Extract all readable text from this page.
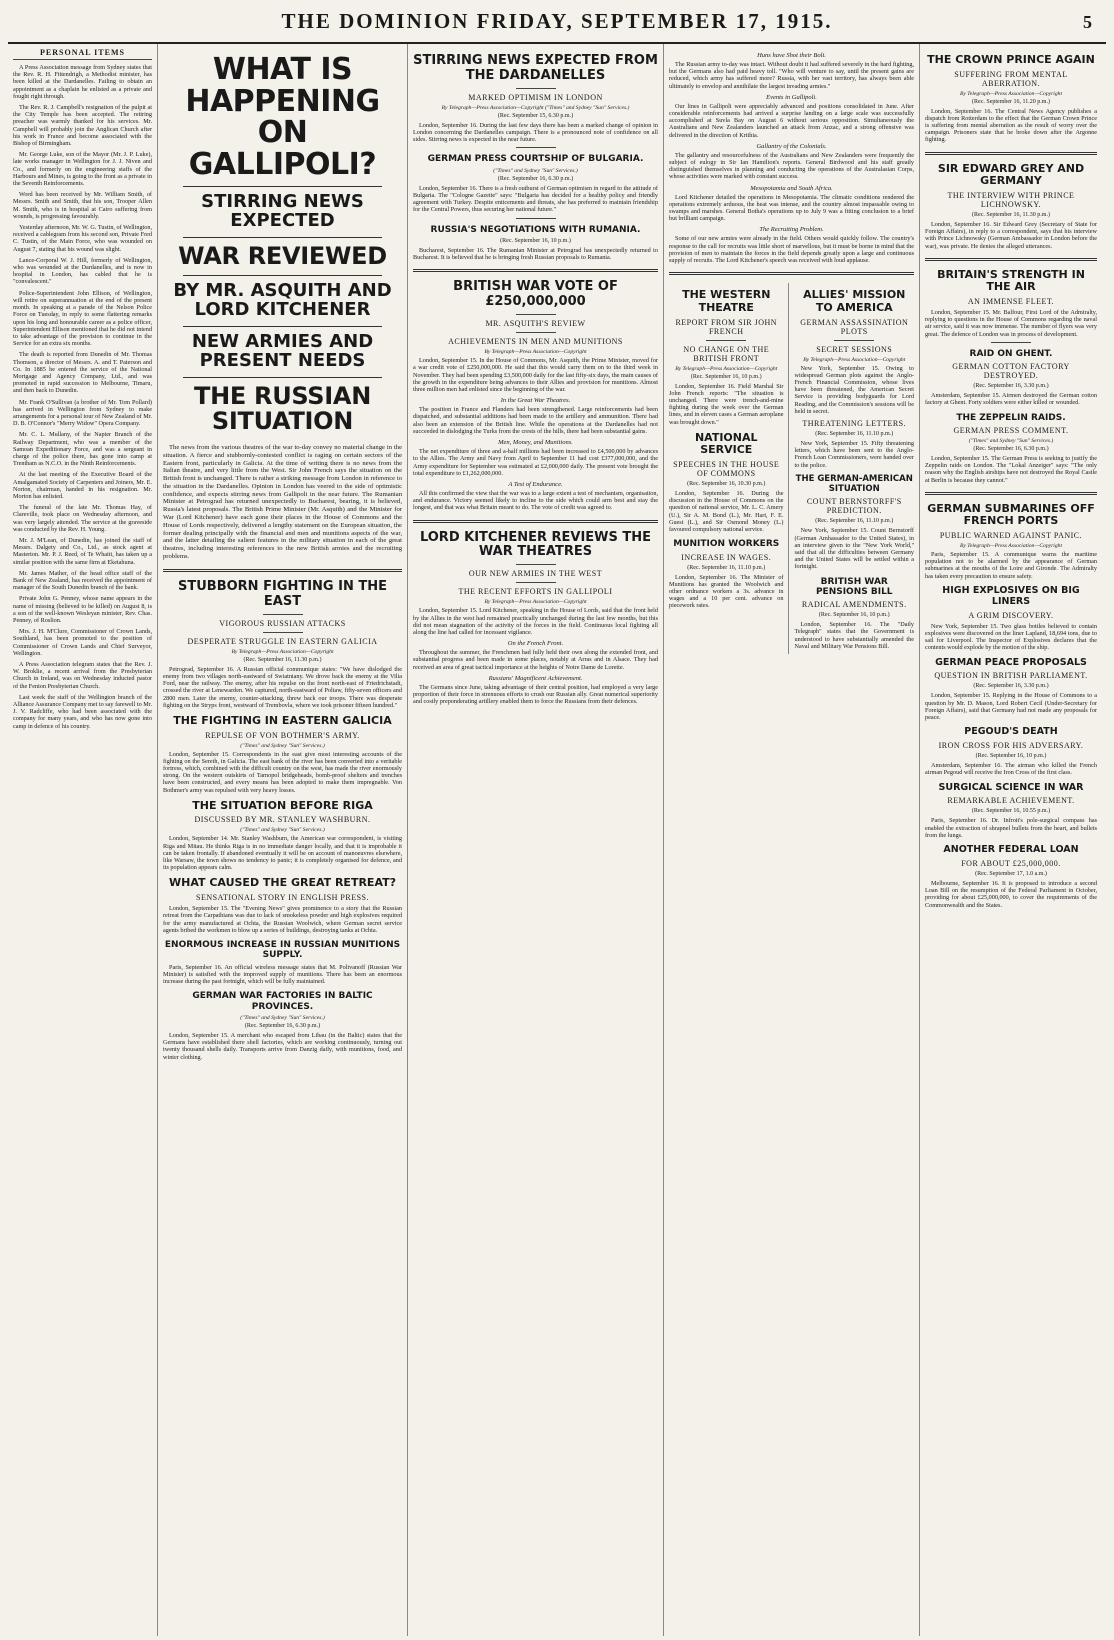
THE DOMINION FRIDAY, SEPTEMBER 17, 1915.	5
PERSONAL ITEMS

A Press Association message from Sydney states that the Rev. R. H. Fittendrigh, a Methodist minister, has been killed at the Dardanelles. Failing to obtain an appointment as a chaplain he enlisted as a private and fought right through.

The Rev. R. J. Campbell's resignation of the pulpit at the City Temple has been accepted. The retiring preacher was warmly thanked for his services. Mr. Campbell will probably join the Anglican Church after his work in France and become associated with the Bishop of Birmingham.

Mr. George Luke, son of the Mayor (Mr. J. P. Luke), late works manager in Wellington for J. J. Niven and Co., and formerly on the engineering staffs of the Harbours and Mines, is going to the front as a private in the Seventh Reinforcements.

Word has been received by Mr. William Smith, of Messrs. Smith and Smith, that his son, Trooper Allen M. Smith, who is in hospital at Cairo suffering from wounds, is progressing favourably.

Yesterday afternoon, Mr. W. G. Tustin, of Wellington, received a cablegram from his second son, Private Fred C. Tustin, of the Main Force, who was wounded on August 7, stating that his wound was slight.

Lance-Corporal W. J. Hill, formerly of Wellington, who was wounded at the Dardanelles, and is now in hospital in London, has cabled that he is "convalescent."

Police-Superintendent John Ellison, of Wellington, will retire on superannuation at the end of the present month. In speaking at a parade of the Nelson Police Force on Tuesday, in reply to some flattering remarks upon his long and honourable career as a police officer, Superintendent Ellison mentioned that he did not intend to take advantage of the provision to continue in the Service for an extra six months.

The death is reported from Dunedin of Mr. Thomas Thomson, a director of Messrs. A. and T. Paterson and Co. In 1885 he entered the service of the National Mortgage and Agency Company, Ltd., and was promoted in rapid succession to Melbourne, Timaru, and then back to Dunedin.

Mr. Frank O'Sullivan (a brother of Mr. Tom Pollard) has arrived in Wellington from Sydney to make arrangements for a personal tour of New Zealand of Mr. D. B. O'Connor's "Merry Widow" Opera Company.

Mr. C. L. Mullany, of the Napier Branch of the Railway Department, who was a member of the Samoan Expeditionary Force, and was a sergeant in charge of the police there, has gone into camp at Trentham as N.C.O. in the Ninth Reinforcements.

At the last meeting of the Executive Board of the Amalgamated Society of Carpenters and Joiners, Mr. E. Norton, chairman, handed in his resignation. Mr. Morton has enlisted.

The funeral of the late Mr. Thomas Hay, of Clareville, took place on Wednesday afternoon, and was very largely attended. The service at the graveside was conducted by the Rev. H. Young.

Mr. J. M'Lean, of Dunedin, has joined the staff of Messrs. Dalgety and Co., Ltd., as stock agent at Masterton. Mr. P. J. Reed, of Te Whaiti, has taken up a similar position with the same firm at Eketahuna.

Mr. James Mather, of the head office staff of the Bank of New Zealand, has received the appointment of manager of the South Dunedin branch of the bank.

Private John G. Penney, whose name appears in the name of missing (believed to be killed) on August 8, is a son of the well-known Wesleyan minister, Rev. Chas. Penney, of Roslion.

Mrs. J. H. M'Clure, Commissioner of Crown Lands, Southland, has been promoted to the position of Commissioner of Crown Lands and Chief Surveyor, Wellington.

A Press Association telegram states that the Rev. J. W. Broklie, a recent arrival from the Presbyterian Church in Ireland, was on Wednesday inducted pastor of the Fenton Presbyterian Church.

Last week the staff of the Wellington branch of the Alliance Assurance Company met to say farewell to Mr. J. V. Radcliffe, who had been associated with the company for many years, and who has now gone into camp in defence of his country.

WHAT IS HAPPENING ON GALLIPOLI?
STIRRING NEWS EXPECTED
WAR REVIEWED
BY MR. ASQUITH AND LORD KITCHENER
NEW ARMIES AND PRESENT NEEDS
THE RUSSIAN SITUATION

The news from the various theatres of the war to-day convey no material change in the situation. A fierce and stubbornly-contested conflict is raging on certain sectors of the Eastern front, particularly in Galicia. At the time of writing there is no news from the Italian theatre, and very little from the West. Sir John French says the situation on the British front is unchanged. There is rather a striking message from London in reference to the situation in the Dardanelles. Opinion in London has veered to the side of optimistic confidence, and expects stirring news from Gallipoli in the near future. The Rumanian Minister at Petrograd has returned unexpectedly to Bucharest, bearing, it is believed, Russia's latest proposals. The British Prime Minister (Mr. Asquith) and the Minister for War (Lord Kitchener) have each gone their places in the House of Commons and the House of Lords respectively, delivered a lengthy statement on the European situation, the former dealing principally with the financial and men and munitions aspects of the war, and the latter detailing the salient features in the military situation in each of the great theatres, including interesting references to the new British armies and the recruiting problems.

STUBBORN FIGHTING IN THE EAST
VIGOROUS RUSSIAN ATTACKS
DESPERATE STRUGGLE IN EASTERN GALICIA
By Telegraph—Press Association—Copyright
(Rec. September 16, 11.30 p.m.)

Petrograd, September 16. A Russian official communique states: "We have dislodged the enemy from two villages north-eastward of Swiatniany. We drove back the enemy at the Vilia Ford, near the railway. The enemy, after his repulse on the front north-east of Friedrichstadt, crossed the river at Lenewarden. We captured, north-eastward of Poltaw, fifty-seven officers and 2800 men. Later the enemy, counter-attacking, threw back our troops. There was desperate fighting on the Stryps front, westward of Trembovla, where we took prisoner fifteen hundred."

THE FIGHTING IN EASTERN GALICIA
REPULSE OF VON BOTHMER'S ARMY.
("Times" and Sydney "Sun" Services.)

London, September 15. Correspondents in the east give most interesting accounts of the fighting on the Sereth, in Galicia. The east bank of the river has been converted into a veritable fortress, which, combined with the difficult country on the west, has made the river enormously strong. On the western outskirts of Tarnopol bridgeheads, bomb-proof shelters and trenches have been constructed, and every means has been adopted to make them impregnable. Von Bothmer's army was repulsed with very heavy losses.

THE SITUATION BEFORE RIGA
DISCUSSED BY MR. STANLEY WASHBURN.
("Times" and Sydney "Sun" Services.)

London, September 14. Mr. Stanley Washburn, the American war correspondent, is visiting Riga and Mitau. He thinks Riga is in no immediate danger locally, and that it is improbable it can be taken frontally. If abandoned eventually it will be on account of manoeuvres elsewhere, like Warsaw, the town shows no tendency to panic; it is completely organised for defence, and its population appears calm.

WHAT CAUSED THE GREAT RETREAT?
SENSATIONAL STORY IN ENGLISH PRESS.

London, September 15. The "Evening News" gives prominence to a story that the Russian retreat from the Carpathians was due to lack of smokeless powder and high explosives required for the army manufactured at Ochta, the Russian Woolwich, where German secret service agents bribed the workmen to blow up a series of buildings, destroying tanks at Ochta.

ENORMOUS INCREASE IN RUSSIAN MUNITIONS SUPPLY.

Paris, September 16. An official wireless message states that M. Polivanoff (Russian War Minister) is satisfied with the improved supply of munitions. There has been an enormous increase during the past fortnight, which will be fully maintained.

GERMAN WAR FACTORIES IN BALTIC PROVINCES.
("Times" and Sydney "Sun" Services.)
(Rec. September 16, 6.30 p.m.)

London, September 15. A merchant who escaped from Libau (in the Baltic) states that the Germans have established there shell factories, which are working continuously, turning out twenty thousand shells daily. Transports arrive from Danzig daily, with munitions, food, and winter clothing.

STIRRING NEWS EXPECTED FROM THE DARDANELLES
MARKED OPTIMISM IN LONDON
By Telegraph—Press Association—Copyright ("Times" and Sydney "Sun" Services.)
(Rec. September 15, 6.30 p.m.)

London, September 16. During the last few days there has been a marked change of opinion in London concerning the Dardanelles campaign. There is a pronounced note of confidence on all sides. Stirring news is expected in the near future.

GERMAN PRESS COURTSHIP OF BULGARIA.
("Times" and Sydney "Sun" Services.)
(Rec. September 16, 6.30 p.m.)

London, September 16. There is a fresh outburst of German optimism in regard to the attitude of Bulgaria. The "Cologne Gazette" says: "Bulgaria has decided for a healthy policy and friendly agreement with Turkey. Despite enticements and threats, she has preferred to maintain friendship for the Central Powers, thus securing her national future."

RUSSIA'S NEGOTIATIONS WITH RUMANIA.
(Rec. September 16, 10 p.m.)

Bucharest, September 16. The Rumanian Minister at Petrograd has unexpectedly returned to Bucharest. It is believed that he is bringing fresh Russian proposals to Rumania.

BRITISH WAR VOTE OF £250,000,000
MR. ASQUITH'S REVIEW
ACHIEVEMENTS IN MEN AND MUNITIONS
By Telegraph—Press Association—Copyright

London, September 15. In the House of Commons, Mr. Asquith, the Prime Minister, moved for a war credit vote of £250,000,000. He said that this would carry them on to the third week in November. They had been spending £3,500,000 daily for the last fifty-six days, the main causes of the growth in the expenditure being advances to their Allies and provision for munitions. Almost three million men had enlisted since the beginning of the war.

In the Great War Theatres.

The position in France and Flanders had been strengthened. Large reinforcements had been dispatched, and substantial additions had been made to the artillery and ammunition. There had also been an extension of the British line. While the operations at the Dardanelles had not succeeded in dislodging the Turks from the crests of the hills, there had been substantial gains.

Men, Money, and Munitions.

The net expenditure of three and a-half millions had been increased to £4,500,000 by advances to the Allies. The Army and Navy from April to September 11 had cost £377,000,000, and the Army expenditure for September was estimated at £2,000,000 daily. The present vote brought the total expenditure to £1,262,000,000.

A Test of Endurance.

All this confirmed the view that the war was to a large extent a test of mechanism, organisation, and endurance. Victory seemed likely to incline to the side which could arm best and stay the longest, and that was what Britain meant to do. The vote of credit was agreed to.

LORD KITCHENER REVIEWS THE WAR THEATRES
OUR NEW ARMIES IN THE WEST
THE RECENT EFFORTS IN GALLIPOLI
By Telegraph—Press Association—Copyright

London, September 15. Lord Kitchener, speaking in the House of Lords, said that the front held by the Allies in the west had remained practically unchanged during the last few months, but this did not mean stagnation of the activity of the forces in the field. Continuous local fighting all along the line had called for incessant vigilance.

On the French Front.

Throughout the summer, the Frenchmen had fully held their own along the extended front, and substantial progress and been made in some places, notably at Arras and in Alsace. They had received an area of great tactical importance at the heights of Notre Dame de Lorette.

Russians' Magnificent Achievement.

The Germans since June, taking advantage of their central position, had employed a very large proportion of their force in strenuous efforts to crush our Russian ally. Great numerical superiority and costly preponderating artillery enabled them to force the Russians from their defences.

Huns have Shot their Bolt.

The Russian army to-day was intact. Without doubt it had suffered severely in the hard fighting, but the Germans also had paid heavy toll. "Who will venture to say, until the present gains are reduced, which army has suffered more? Russia, with her vast territory, has always been able ultimately to envelop and annihilate the largest invading armies."

Events in Gallipoli.

Our lines in Gallipoli were appreciably advanced and positions consolidated in June. After considerable reinforcements had arrived a surprise landing on a large scale was successfully accomplished at Suvla Bay on August 6 without serious opposition. Simultaneously the Australians and New Zealanders launched an attack from Anzac, and a strong offensive was delivered in the direction of Krithia.

Gallantry of the Colonials.

The gallantry and resourcefulness of the Australians and New Zealanders were frequently the subject of eulogy in Sir Ian Hamilton's reports. General Birdwood and his staff greatly distinguished themselves in planning and conducting the operations of the Australasian Corps, whose activities were marked with constant success.

Mesopotamia and South Africa.

Lord Kitchener detailed the operations in Mesopotamia. The climatic conditions rendered the operations extremely arduous, the heat was intense, and the country almost impassable owing to swamps and marshes. General Botha's operations up to July 9 was a fitting conclusion to a brief but brilliant campaign.

The Recruiting Problem.

Some of our new armies were already in the field. Others would quickly follow. The country's response to the call for recruits was little short of marvellous, but it must be borne in mind that the provision of men to maintain the forces in the field depends greatly upon a large and continuous supply of recruits. The Lord Kitchener's speech was received with loud applause.

THE WESTERN THEATRE
REPORT FROM SIR JOHN FRENCH
NO CHANGE ON THE BRITISH FRONT
By Telegraph—Press Association—Copyright
(Rec. September 16, 10 p.m.)

London, September 16. Field Marshal Sir John French reports: "The situation is unchanged. There were trench-and-mine fighting during the week over the German lines, and in eleven cases a German aeroplane was brought down."

NATIONAL SERVICE
SPEECHES IN THE HOUSE OF COMMONS
(Rec. September 16, 10.30 p.m.)

London, September 16. During the discussion in the House of Commons on the question of national service, Mr. L. C. Amery (U.), Sir A. M. Bond (L.), Mr. Hart, F. E. Guest (L.), and Sir Osmond Money (L.) favoured compulsory national service.

MUNITION WORKERS
INCREASE IN WAGES.
(Rec. September 16, 11.10 p.m.)

London, September 16. The Minister of Munitions has granted the Woolwich and other ordnance workers a 3s. advance in wages and a 10 per cent. advance on piecework rates.

ALLIES' MISSION TO AMERICA
GERMAN ASSASSINATION PLOTS
SECRET SESSIONS
By Telegraph—Press Association—Copyright

New York, September 15. Owing to widespread German plots against the Anglo-French Financial Commission, whose lives have been threatened, the American Secret Service is providing bodyguards for Lord Reading, and the Commission's sessions will be held in secret.

THREATENING LETTERS.
(Rec. September 16, 11.10 p.m.)

New York, September 15. Fifty threatening letters, which have been sent to the Anglo-French Loan Commissioners, were handed over to the police.

THE GERMAN-AMERICAN SITUATION
COUNT BERNSTORFF'S PREDICTION.
(Rec. September 16, 11.10 p.m.)

New York, September 15. Count Bernstorff (German Ambassador to the United States), in an interview given to the "New York World," said that all the difficulties between Germany and the United States will be settled within a fortnight.

BRITISH WAR PENSIONS BILL
RADICAL AMENDMENTS.
(Rec. September 16, 10 p.m.)

London, September 16. The "Daily Telegraph" states that the Government is understood to have substantially amended the Naval and Military War Pensions Bill.

THE CROWN PRINCE AGAIN
SUFFERING FROM MENTAL ABERRATION.
By Telegraph—Press Association—Copyright
(Rec. September 16, 11.20 p.m.)

London, September 16. The Central News Agency publishes a dispatch from Rotterdam to the effect that the German Crown Prince is suffering from mental aberration as the result of worry over the campaign. Prisoners state that he broke down after the Argonne fighting.

SIR EDWARD GREY AND GERMANY
THE INTERVIEW WITH PRINCE LICHNOWSKY.
(Rec. September 16, 11.30 p.m.)

London, September 16. Sir Edward Grey (Secretary of State for Foreign Affairs), in reply to a correspondent, says that his interview with Prince Lichnowsky (German Ambassador in London before the war), was private. He denies the alleged utterances.

BRITAIN'S STRENGTH IN THE AIR
AN IMMENSE FLEET.

London, September 15. Mr. Balfour, First Lord of the Admiralty, replying to questions in the House of Commons regarding the naval air service, said it was now immense. The number of flyers was very great. The defence of London was in process of development.

RAID ON GHENT.
GERMAN COTTON FACTORY DESTROYED.
(Rec. September 16, 3.30 p.m.)

Amsterdam, September 15. Airmen destroyed the German cotton factory at Ghent. Forty soldiers were either killed or wounded.

THE ZEPPELIN RAIDS.
GERMAN PRESS COMMENT.
("Times" and Sydney "Sun" Services.)
(Rec. September 16, 6.30 p.m.)

London, September 15. The German Press is seeking to justify the Zeppelin raids on London. The "Lokal Anzeiger" says: "The only reason why the English airships have not destroyed the Royal Castle at Berlin is because they cannot."

GERMAN SUBMARINES OFF FRENCH PORTS
PUBLIC WARNED AGAINST PANIC.
By Telegraph—Press Association—Copyright

Paris, September 15. A communique warns the maritime population not to be alarmed by the appearance of German submarines at the mouths of the Loire and Gironde. The Admiralty has taken every precaution to ensure safety.

HIGH EXPLOSIVES ON BIG LINERS
A GRIM DISCOVERY.

New York, September 15. Two glass bottles believed to contain explosives were discovered on the liner Lapland, 18,694 tons, due to sail for Liverpool. The Inspector of Explosives declares that the contents would explode by the motion of the ship.

GERMAN PEACE PROPOSALS
QUESTION IN BRITISH PARLIAMENT.
(Rec. September 16, 3.30 p.m.)

London, September 15. Replying in the House of Commons to a question by Mr. D. Mason, Lord Robert Cecil (Under-Secretary for Foreign Affairs), said that Germany had not made any proposals for peace.

PEGOUD'S DEATH
IRON CROSS FOR HIS ADVERSARY.
(Rec. September 16, 10 p.m.)

Amsterdam, September 16. The airman who killed the French airman Pegoud will receive the Iron Cross of the first class.

SURGICAL SCIENCE IN WAR
REMARKABLE ACHIEVEMENT.
(Rec. September 16, 10.55 p.m.)

Paris, September 16. Dr. Infroit's pole-surgical compass has enabled the extraction of shrapnel bullets from the heart, and bullets from the lungs.

ANOTHER FEDERAL LOAN
FOR ABOUT £25,000,000.
(Rec. September 17, 1.0 a.m.)

Melbourne, September 16. It is proposed to introduce a second Loan Bill on the resumption of the Federal Parliament in October, providing for about £25,000,000, to cover the requirements of the Commonwealth and the States.
